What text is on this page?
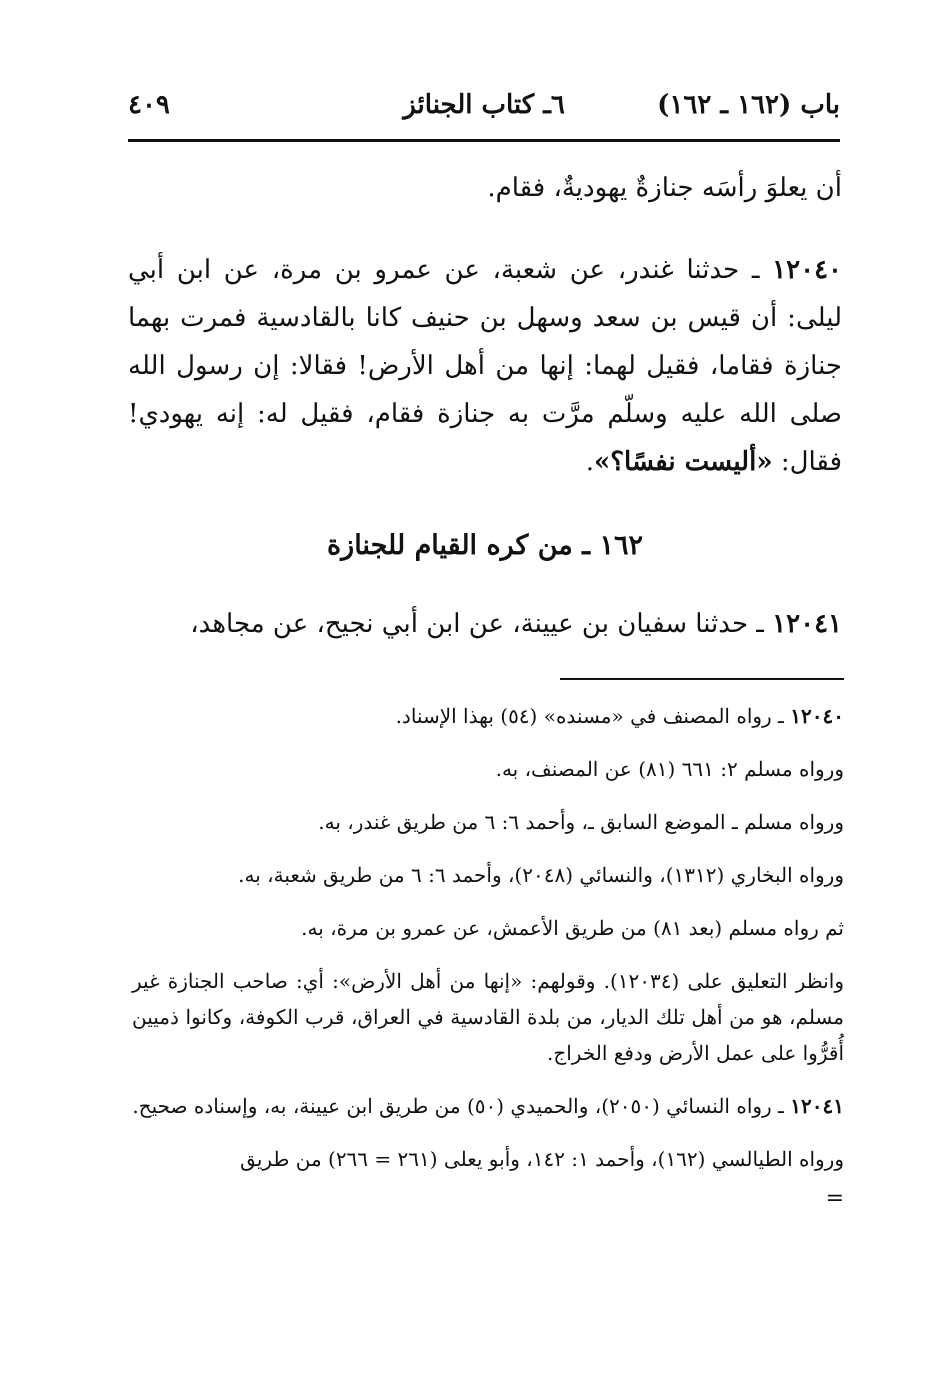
باب (١٦٢ ـ ١٦٢)
٦ـ كتاب الجنائز
٤٠٩

أن يعلوَ رأسَه جنازةٌ يهوديةٌ، فقام.

١٢٠٤٠ ـ حدثنا غندر، عن شعبة، عن عمرو بن مرة، عن ابن أبي ليلى: أن قيس بن سعد وسهل بن حنيف كانا بالقادسية فمرت بهما جنازة فقاما، فقيل لهما: إنها من أهل الأرض! فقالا: إن رسول الله صلى الله عليه وسلّم مرَّت به جنازة فقام، فقيل له: إنه يهودي! فقال: «أليست نفسًا؟».

١٦٢ ـ من كره القيام للجنازة

١٢٠٤١ ـ حدثنا سفيان بن عيينة، عن ابن أبي نجيح، عن مجاهد،

١٢٠٤٠ ـ رواه المصنف في «مسنده» (٥٤) بهذا الإسناد.

ورواه مسلم ٢: ٦٦١ (٨١) عن المصنف، به.

ورواه مسلم ـ الموضع السابق ـ، وأحمد ٦: ٦ من طريق غندر، به.

ورواه البخاري (١٣١٢)، والنسائي (٢٠٤٨)، وأحمد ٦: ٦ من طريق شعبة، به.

ثم رواه مسلم (بعد ٨١) من طريق الأعمش، عن عمرو بن مرة، به.

وانظر التعليق على (١٢٠٣٤). وقولهم: «إنها من أهل الأرض»: أي: صاحب الجنازة غير مسلم، هو من أهل تلك الديار، من بلدة القادسية في العراق، قرب الكوفة، وكانوا ذميين أُقرُّوا على عمل الأرض ودفع الخراج.

١٢٠٤١ ـ رواه النسائي (٢٠٥٠)، والحميدي (٥٠) من طريق ابن عيينة، به، وإسناده صحيح.

ورواه الطيالسي (١٦٢)، وأحمد ١: ١٤٢، وأبو يعلى (٢٦١ = ٢٦٦) من طريق

=
